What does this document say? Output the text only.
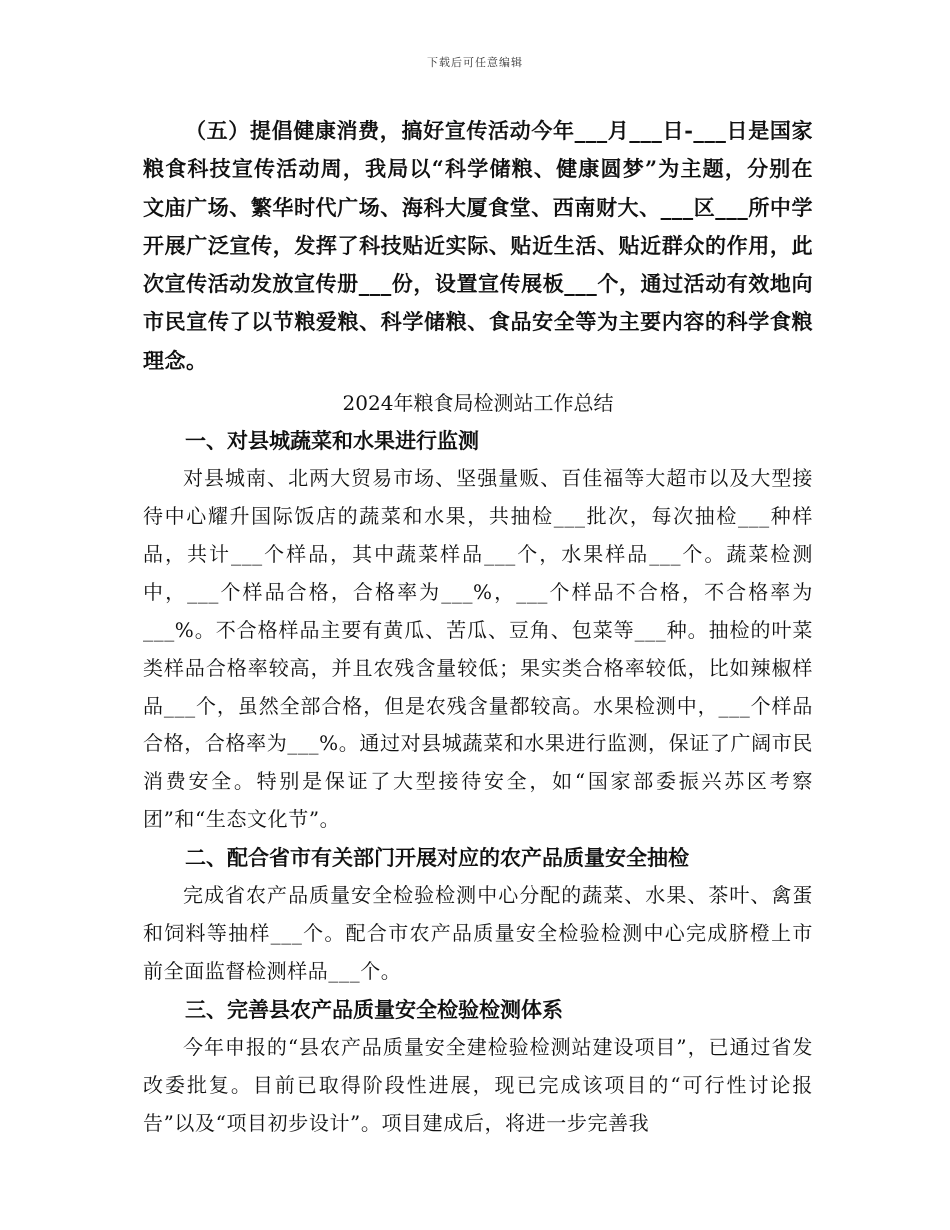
下载后可任意编辑

（五）提倡健康消费，搞好宣传活动今年___月___日-___日是国家粮食科技宣传活动周，我局以“科学储粮、健康圆梦”为主题，分别在文庙广场、繁华时代广场、海科大厦食堂、西南财大、___区___所中学开展广泛宣传，发挥了科技贴近实际、贴近生活、贴近群众的作用，此次宣传活动发放宣传册___份，设置宣传展板___个，通过活动有效地向市民宣传了以节粮爱粮、科学储粮、食品安全等为主要内容的科学食粮理念。

2024年粮食局检测站工作总结
一、对县城蔬菜和水果进行监测

对县城南、北两大贸易市场、坚强量贩、百佳福等大超市以及大型接待中心耀升国际饭店的蔬菜和水果，共抽检___批次，每次抽检___种样品，共计___个样品，其中蔬菜样品___个，水果样品___个。蔬菜检测中，___个样品合格，合格率为___%，___个样品不合格，不合格率为___%。不合格样品主要有黄瓜、苦瓜、豆角、包菜等___种。抽检的叶菜类样品合格率较高，并且农残含量较低；果实类合格率较低，比如辣椒样品___个，虽然全部合格，但是农残含量都较高。水果检测中，___个样品合格，合格率为___%。通过对县城蔬菜和水果进行监测，保证了广阔市民消费安全。特别是保证了大型接待安全，如“国家部委振兴苏区考察团”和“生态文化节”。

二、配合省市有关部门开展对应的农产品质量安全抽检

完成省农产品质量安全检验检测中心分配的蔬菜、水果、茶叶、禽蛋和饲料等抽样___个。配合市农产品质量安全检验检测中心完成脐橙上市前全面监督检测样品___个。

三、完善县农产品质量安全检验检测体系

今年申报的“县农产品质量安全建检验检测站建设项目”，已通过省发改委批复。目前已取得阶段性进展，现已完成该项目的“可行性讨论报告”以及“项目初步设计”。项目建成后，将进一步完善我
